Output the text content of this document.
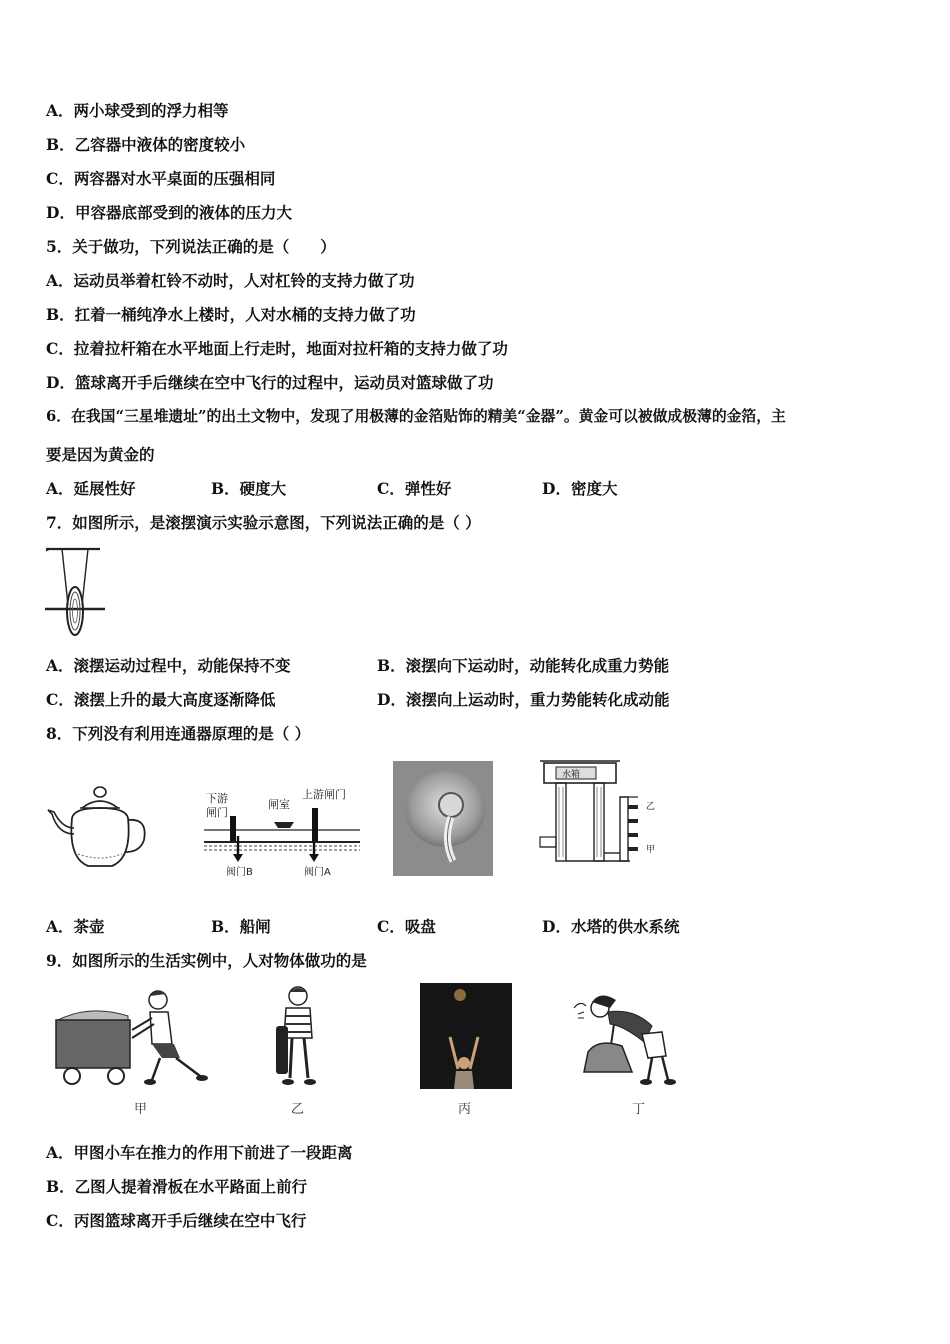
A．两小球受到的浮力相等
B．乙容器中液体的密度较小
C．两容器对水平桌面的压强相同
D．甲容器底部受到的液体的压力大
5．关于做功，下列说法正确的是（　　）
A．运动员举着杠铃不动时，人对杠铃的支持力做了功
B．扛着一桶纯净水上楼时，人对水桶的支持力做了功
C．拉着拉杆箱在水平地面上行走时，地面对拉杆箱的支持力做了功
D．篮球离开手后继续在空中飞行的过程中，运动员对篮球做了功
6．在我国“三星堆遗址”的出土文物中，发现了用极薄的金箔贴饰的精美“金器”。黄金可以被做成极薄的金箔，主
要是因为黄金的
A．延展性好	B．硬度大	C．弹性好	D．密度大
7．如图所示，是滚摆演示实验示意图，下列说法正确的是（ ）
A．滚摆运动过程中，动能保持不变	B．滚摆向下运动时，动能转化成重力势能
C．滚摆上升的最大高度逐渐降低	D．滚摆向上运动时，重力势能转化成动能
8．下列没有利用连通器原理的是（ ）
下游
闸门
闸室
上游闸门
阀门B	阀门A
水箱
乙
甲
A．茶壶	B．船闸	C．吸盘	D．水塔的供水系统
9．如图所示的生活实例中，人对物体做功的是
甲	乙	丙	丁
A．甲图小车在推力的作用下前进了一段距离
B．乙图人提着滑板在水平路面上前行
C．丙图篮球离开手后继续在空中飞行
